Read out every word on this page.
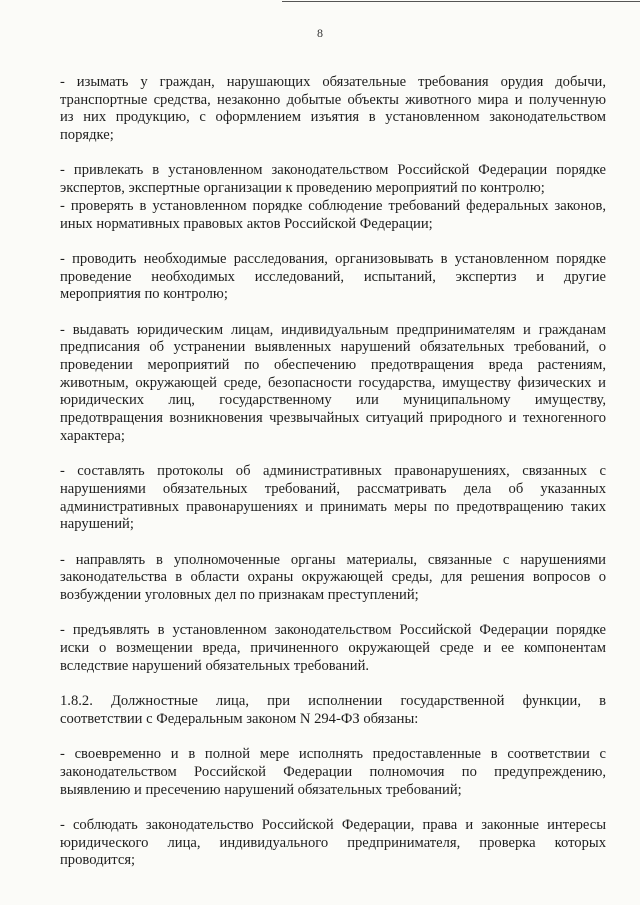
8
- изымать у граждан, нарушающих обязательные требования орудия добычи,
транспортные средства, незаконно добытые объекты животного мира и полученную
из них продукцию, с оформлением изъятия в установленном законодательством
порядке;
- привлекать в установленном законодательством Российской Федерации порядке
экспертов, экспертные организации к проведению мероприятий по контролю;
- проверять в установленном порядке соблюдение требований федеральных законов,
иных нормативных правовых актов Российской Федерации;
- проводить необходимые расследования, организовывать в установленном порядке
проведение необходимых исследований, испытаний, экспертиз и другие
мероприятия по контролю;
- выдавать юридическим лицам, индивидуальным предпринимателям и гражданам
предписания об устранении выявленных нарушений обязательных требований, о
проведении мероприятий по обеспечению предотвращения вреда растениям,
животным, окружающей среде, безопасности государства, имуществу физических и
юридических лиц, государственному или муниципальному имуществу,
предотвращения возникновения чрезвычайных ситуаций природного и техногенного
характера;
- составлять протоколы об административных правонарушениях, связанных с
нарушениями обязательных требований, рассматривать дела об указанных
административных правонарушениях и принимать меры по предотвращению таких
нарушений;
- направлять в уполномоченные органы материалы, связанные с нарушениями
законодательства в области охраны окружающей среды, для решения вопросов о
возбуждении уголовных дел по признакам преступлений;
- предъявлять в установленном законодательством Российской Федерации порядке
иски о возмещении вреда, причиненного окружающей среде и ее компонентам
вследствие нарушений обязательных требований.
1.8.2. Должностные лица, при исполнении государственной функции, в
соответствии с Федеральным законом N 294-ФЗ обязаны:
- своевременно и в полной мере исполнять предоставленные в соответствии с
законодательством Российской Федерации полномочия по предупреждению,
выявлению и пресечению нарушений обязательных требований;
- соблюдать законодательство Российской Федерации, права и законные интересы
юридического лица, индивидуального предпринимателя, проверка которых
проводится;
